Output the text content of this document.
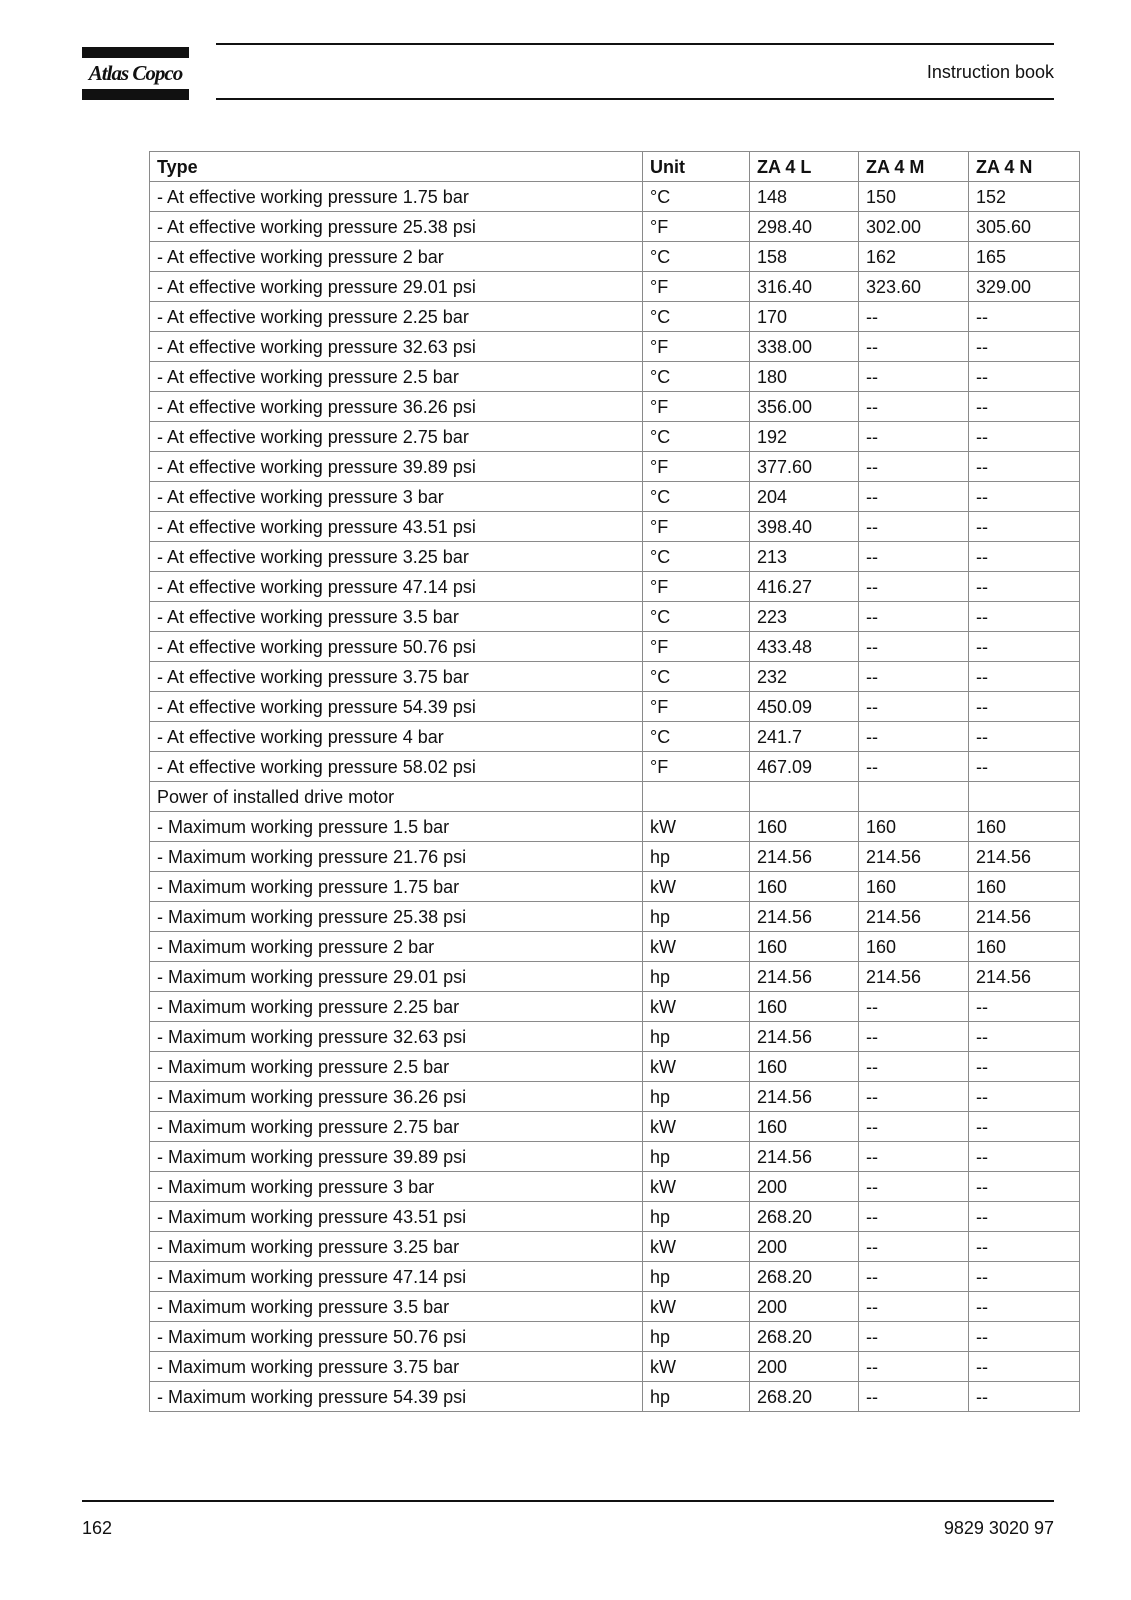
Atlas Copco	Instruction book
Type	Unit	ZA 4 L	ZA 4 M	ZA 4 N
- At effective working pressure 1.75 bar	°C	148	150	152
- At effective working pressure 25.38 psi	°F	298.40	302.00	305.60
- At effective working pressure 2 bar	°C	158	162	165
- At effective working pressure 29.01 psi	°F	316.40	323.60	329.00
- At effective working pressure 2.25 bar	°C	170	--	--
- At effective working pressure 32.63 psi	°F	338.00	--	--
- At effective working pressure 2.5 bar	°C	180	--	--
- At effective working pressure 36.26 psi	°F	356.00	--	--
- At effective working pressure 2.75 bar	°C	192	--	--
- At effective working pressure 39.89 psi	°F	377.60	--	--
- At effective working pressure 3 bar	°C	204	--	--
- At effective working pressure 43.51 psi	°F	398.40	--	--
- At effective working pressure 3.25 bar	°C	213	--	--
- At effective working pressure 47.14 psi	°F	416.27	--	--
- At effective working pressure 3.5 bar	°C	223	--	--
- At effective working pressure 50.76 psi	°F	433.48	--	--
- At effective working pressure 3.75 bar	°C	232	--	--
- At effective working pressure 54.39 psi	°F	450.09	--	--
- At effective working pressure 4 bar	°C	241.7	--	--
- At effective working pressure 58.02 psi	°F	467.09	--	--
Power of installed drive motor				
- Maximum working pressure 1.5 bar	kW	160	160	160
- Maximum working pressure 21.76 psi	hp	214.56	214.56	214.56
- Maximum working pressure 1.75 bar	kW	160	160	160
- Maximum working pressure 25.38 psi	hp	214.56	214.56	214.56
- Maximum working pressure 2 bar	kW	160	160	160
- Maximum working pressure 29.01 psi	hp	214.56	214.56	214.56
- Maximum working pressure 2.25 bar	kW	160	--	--
- Maximum working pressure 32.63 psi	hp	214.56	--	--
- Maximum working pressure 2.5 bar	kW	160	--	--
- Maximum working pressure 36.26 psi	hp	214.56	--	--
- Maximum working pressure 2.75 bar	kW	160	--	--
- Maximum working pressure 39.89 psi	hp	214.56	--	--
- Maximum working pressure 3 bar	kW	200	--	--
- Maximum working pressure 43.51 psi	hp	268.20	--	--
- Maximum working pressure 3.25 bar	kW	200	--	--
- Maximum working pressure 47.14 psi	hp	268.20	--	--
- Maximum working pressure 3.5 bar	kW	200	--	--
- Maximum working pressure 50.76 psi	hp	268.20	--	--
- Maximum working pressure 3.75 bar	kW	200	--	--
- Maximum working pressure 54.39 psi	hp	268.20	--	--
162	9829 3020 97
